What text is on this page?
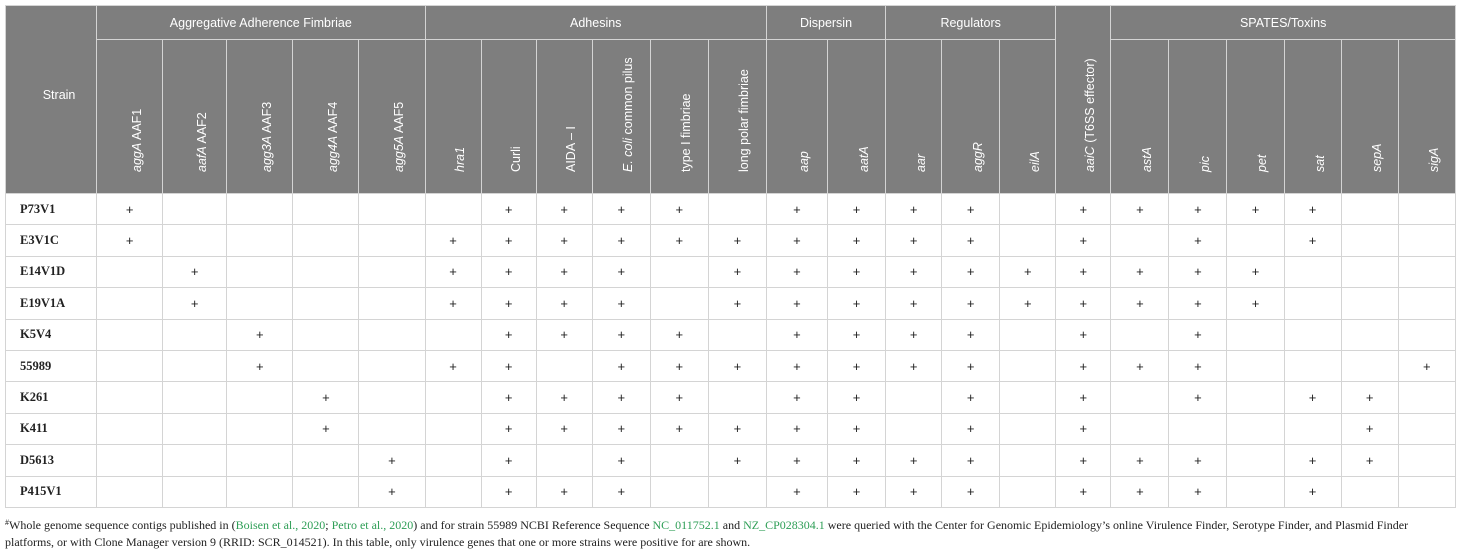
Strain	Aggregative Adherence Fimbriae					Adhesins						Dispersin		Regulators			aaiC (T6SS effector)	SPATES/Toxins					

	aggA AAF1	aafA AAF2	agg3A AAF3	agg4A AAF4	agg5A AAF5	hra1	Curli	AIDA – I	E. coli common pilus	type I fimbriae	long polar fimbriae	aap	aatA	aar	aggR	eilA		astA	pic	pet	sat	sepA	sigA

P73V1	+						+	+	+	+		+	+	+	+		+	+	+	+	+		
E3V1C	+					+	+	+	+	+	+	+	+	+	+		+		+		+		
E14V1D		+				+	+	+	+		+	+	+	+	+	+	+	+	+	+			
E19V1A		+				+	+	+	+		+	+	+	+	+	+	+	+	+	+			
K5V4			+				+	+	+	+		+	+	+	+		+		+				
55989			+			+	+		+	+	+	+	+	+	+		+	+	+				+
K261				+			+	+	+	+		+	+		+		+		+		+	+	
K411				+			+	+	+	+	+	+	+		+		+					+	
D5613					+		+		+		+	+	+	+	+		+	+	+		+	+	
P415V1					+		+	+	+			+	+	+	+		+	+	+		+		
#Whole genome sequence contigs published in (Boisen et al., 2020; Petro et al., 2020) and for strain 55989 NCBI Reference Sequence NC_011752.1 and NZ_CP028304.1 were queried with the Center for Genomic Epidemiology’s online Virulence Finder, Serotype Finder, and Plasmid Finder platforms, or with Clone Manager version 9 (RRID: SCR_014521). In this table, only virulence genes that one or more strains were positive for are shown.
